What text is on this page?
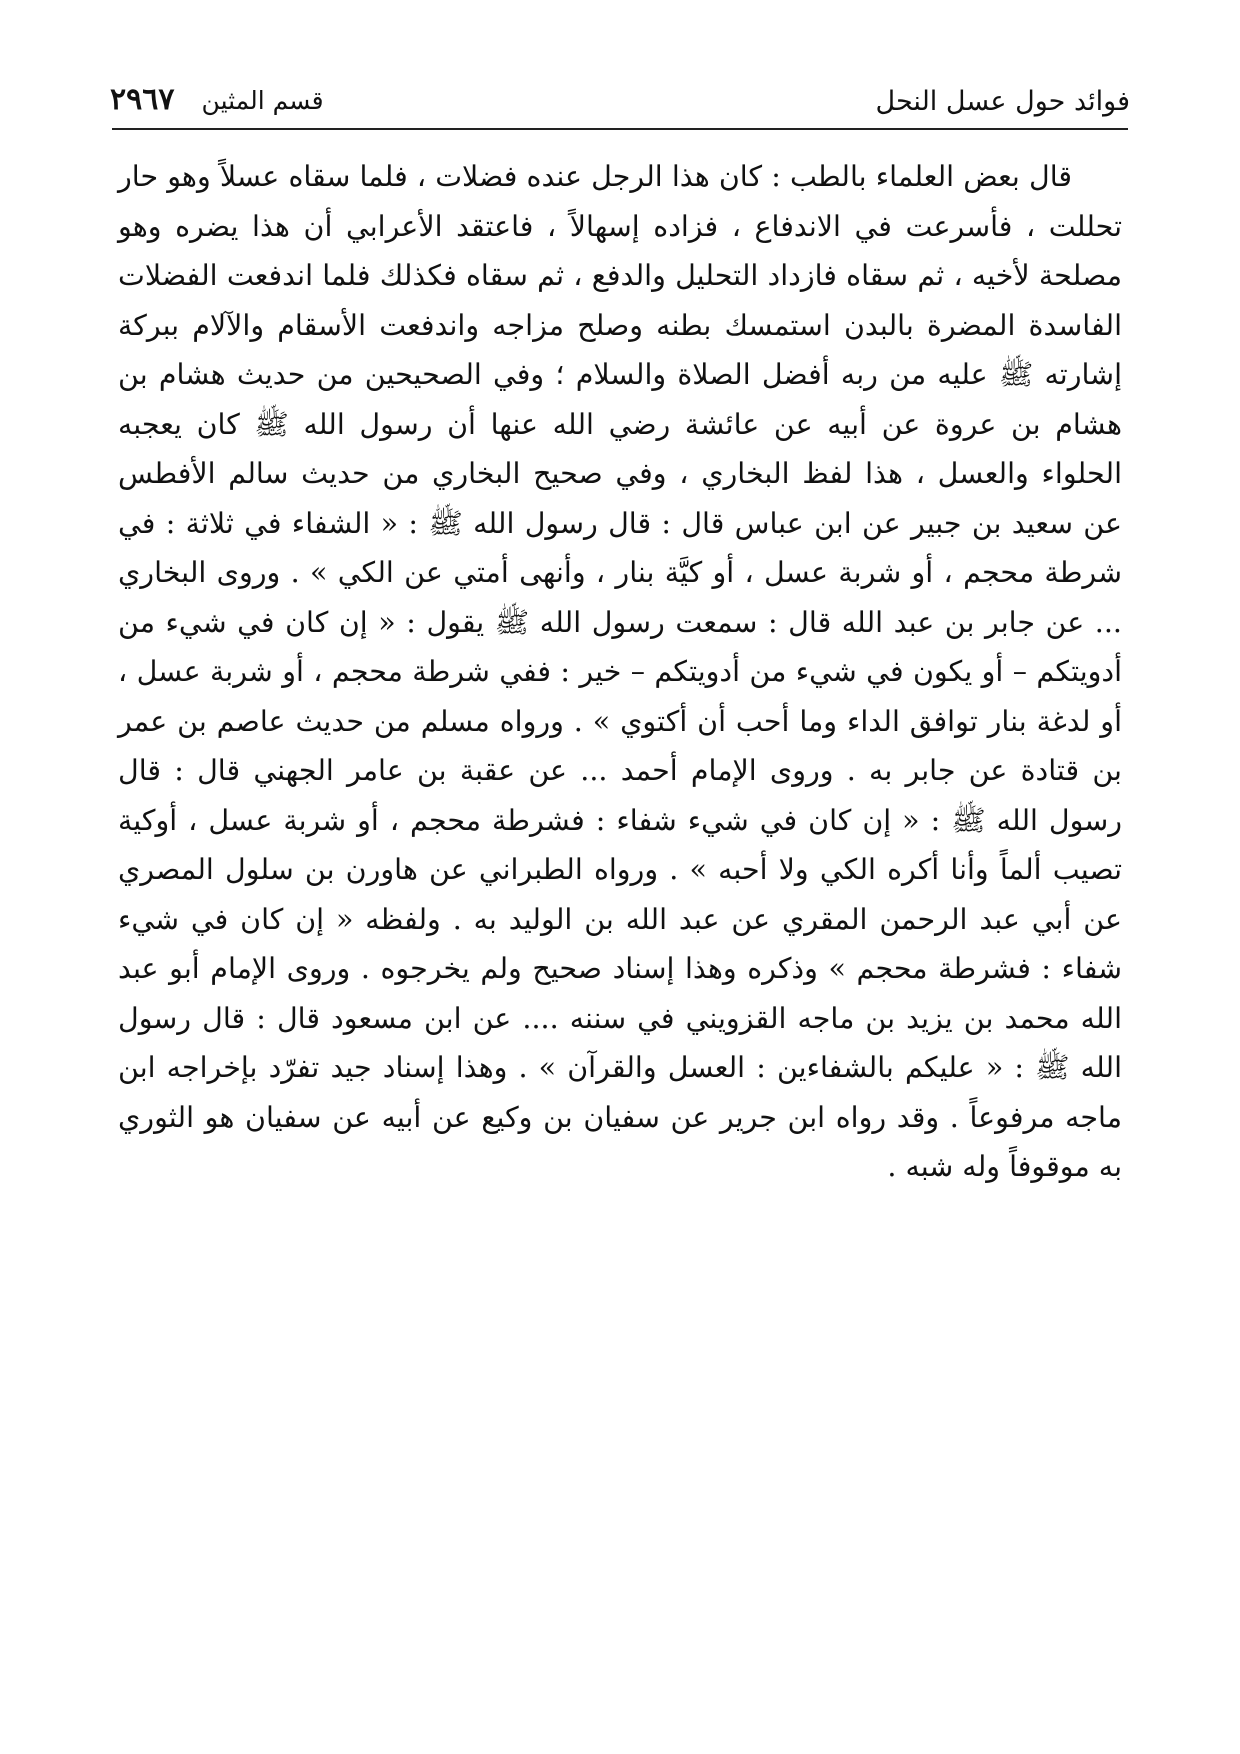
فوائد حول عسل النحل
قسم المثين ٢٩٦٧

قال بعض العلماء بالطب : كان هذا الرجل عنده فضلات ، فلما سقاه عسلاً وهو حار تحللت ، فأسرعت في الاندفاع ، فزاده إسهالاً ، فاعتقد الأعرابي أن هذا يضره وهو مصلحة لأخيه ، ثم سقاه فازداد التحليل والدفع ، ثم سقاه فكذلك فلما اندفعت الفضلات الفاسدة المضرة بالبدن استمسك بطنه وصلح مزاجه واندفعت الأسقام والآلام ببركة إشارته ﷺ عليه من ربه أفضل الصلاة والسلام ؛ وفي الصحيحين من حديث هشام بن هشام بن عروة عن أبيه عن عائشة رضي الله عنها أن رسول الله ﷺ كان يعجبه الحلواء والعسل ، هذا لفظ البخاري ، وفي صحيح البخاري من حديث سالم الأفطس عن سعيد بن جبير عن ابن عباس قال : قال رسول الله ﷺ : « الشفاء في ثلاثة : في شرطة محجم ، أو شربة عسل ، أو كيَّة بنار ، وأنهى أمتي عن الكي » . وروى البخاري ... عن جابر بن عبد الله قال : سمعت رسول الله ﷺ يقول : « إن كان في شيء من أدويتكم – أو يكون في شيء من أدويتكم – خير : ففي شرطة محجم ، أو شربة عسل ، أو لدغة بنار توافق الداء وما أحب أن أكتوي » . ورواه مسلم من حديث عاصم بن عمر بن قتادة عن جابر به . وروى الإمام أحمد ... عن عقبة بن عامر الجهني قال : قال رسول الله ﷺ : « إن كان في شيء شفاء : فشرطة محجم ، أو شربة عسل ، أوكية تصيب ألماً وأنا أكره الكي ولا أحبه » . ورواه الطبراني عن هاورن بن سلول المصري عن أبي عبد الرحمن المقري عن عبد الله بن الوليد به . ولفظه « إن كان في شيء شفاء : فشرطة محجم » وذكره وهذا إسناد صحيح ولم يخرجوه . وروى الإمام أبو عبد الله محمد بن يزيد بن ماجه القزويني في سننه .... عن ابن مسعود قال : قال رسول الله ﷺ : « عليكم بالشفاءين : العسل والقرآن » . وهذا إسناد جيد تفرّد بإخراجه ابن ماجه مرفوعاً . وقد رواه ابن جرير عن سفيان بن وكيع عن أبيه عن سفيان هو الثوري به موقوفاً وله شبه .
